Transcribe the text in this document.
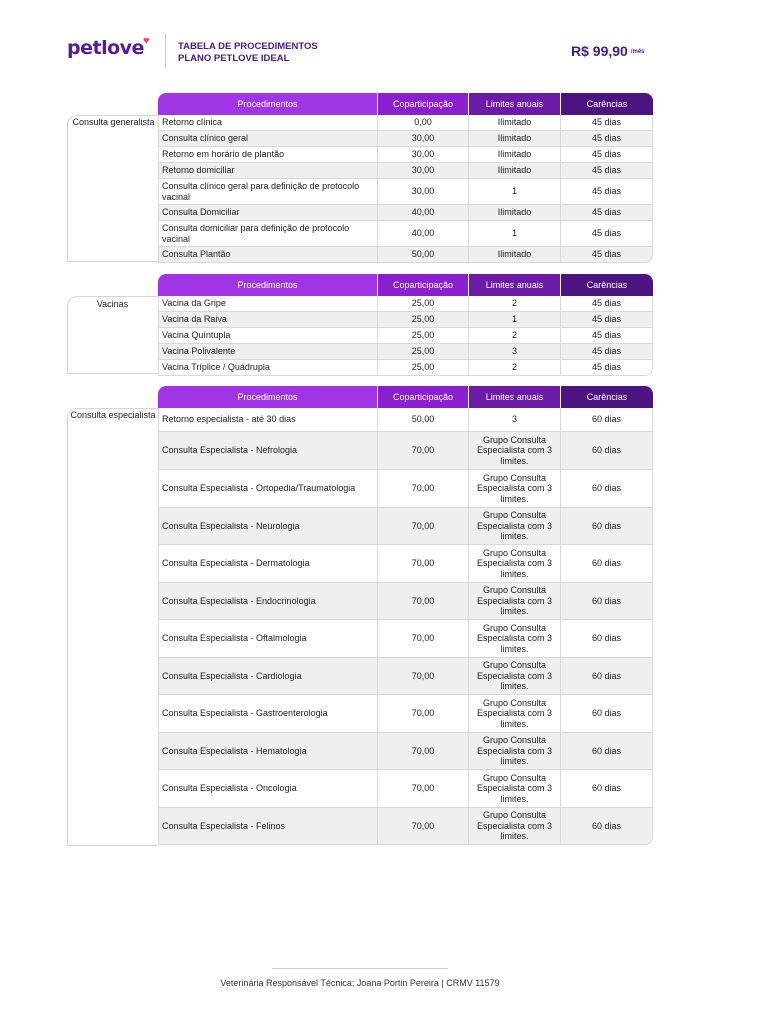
petlove ♥	TABELA DE PROCEDIMENTOS
PLANO PETLOVE IDEAL	R$ 99,90 /mês
Consulta generalista
Procedimentos	Coparticipação	Limites anuais	Carências
Retorno clínica	0,00	Ilimitado	45 dias
Consulta clínico geral	30,00	Ilimitado	45 dias
Retorno em horário de plantão	30,00	Ilimitado	45 dias
Retorno domiciliar	30,00	Ilimitado	45 dias
Consulta clínico geral para definição de protocolo vacinal	30,00	1	45 dias
Consulta Domiciliar	40,00	Ilimitado	45 dias
Consulta domiciliar para definição de protocolo vacinal	40,00	1	45 dias
Consulta Plantão	50,00	Ilimitado	45 dias
Vacinas
Procedimentos	Coparticipação	Limites anuais	Carências
Vacina da Gripe	25,00	2	45 dias
Vacina da Raiva	25,00	1	45 dias
Vacina Quíntupla	25,00	2	45 dias
Vacina Polivalente	25,00	3	45 dias
Vacina Tríplice / Quádrupla	25,00	2	45 dias
Consulta especialista
Procedimentos	Coparticipação	Limites anuais	Carências
Retorno especialista - até 30 dias	50,00	3	60 dias
Consulta Especialista - Nefrologia	70,00	Grupo Consulta Especialista com 3 limites.	60 dias
Consulta Especialista - Ortopedia/Traumatologia	70,00	Grupo Consulta Especialista com 3 limites.	60 dias
Consulta Especialista - Neurologia	70,00	Grupo Consulta Especialista com 3 limites.	60 dias
Consulta Especialista - Dermatologia	70,00	Grupo Consulta Especialista com 3 limites.	60 dias
Consulta Especialista - Endocrinologia	70,00	Grupo Consulta Especialista com 3 limites.	60 dias
Consulta Especialista - Oftalmologia	70,00	Grupo Consulta Especialista com 3 limites.	60 dias
Consulta Especialista - Cardiologia	70,00	Grupo Consulta Especialista com 3 limites.	60 dias
Consulta Especialista - Gastroenterologia	70,00	Grupo Consulta Especialista com 3 limites.	60 dias
Consulta Especialista - Hematologia	70,00	Grupo Consulta Especialista com 3 limites.	60 dias
Consulta Especialista - Oncologia	70,00	Grupo Consulta Especialista com 3 limites.	60 dias
Consulta Especialista - Felinos	70,00	Grupo Consulta Especialista com 3 limites.	60 dias
Veterinária Responsável Técnica: Joana Portin Pereira | CRMV 11579
